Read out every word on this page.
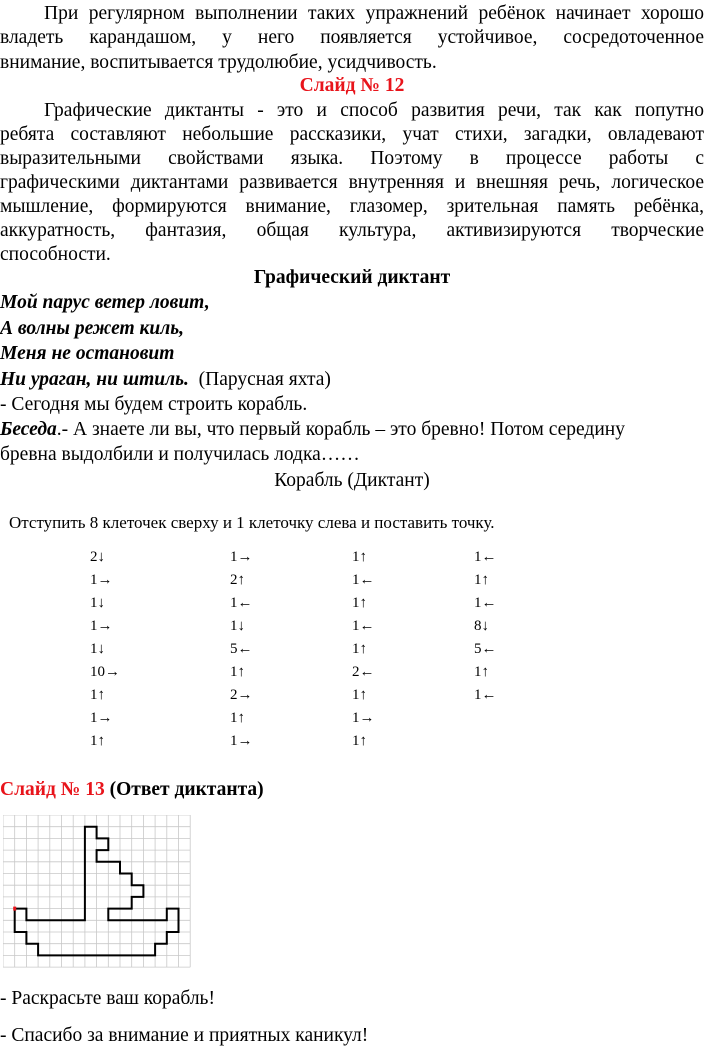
При регулярном выполнении таких упражнений ребёнок начинает хорошо
владеть карандашом, у него появляется устойчивое, сосредоточенное
внимание, воспитывается трудолюбие, усидчивость.
Слайд № 12
Графические диктанты - это и способ развития речи, так как попутно
ребята составляют небольшие рассказики, учат стихи, загадки, овладевают
выразительными свойствами языка. Поэтому в процессе работы с
графическими диктантами развивается внутренняя и внешняя речь, логическое
мышление, формируются внимание, глазомер, зрительная память ребёнка,
аккуратность, фантазия, общая культура, активизируются творческие
способности.
Графический диктант
Мой парус ветер ловит,
А волны режет киль,
Меня не остановит
Ни ураган, ни штиль. (Парусная яхта)
- Сегодня мы будем строить корабль.
Беседа.- А знаете ли вы, что первый корабль – это бревно! Потом середину
бревна выдолбили и получилась лодка……
Корабль (Диктант)
Отступить 8 клеточек сверху и 1 клеточку слева и поставить точку.
2↓
1→
1↓
1→
1↓
10→
1↑
1→
1↑
1→
2↑
1←
1↓
5←
1↑
2→
1↑
1→
1↑
1←
1↑
1←
1↑
2←
1↑
1→
1↑
1←
1↑
1←
8↓
5←
1↑
1←
Слайд № 13 (Ответ диктанта)
- Раскрасьте ваш корабль!
- Спасибо за внимание и приятных каникул!
